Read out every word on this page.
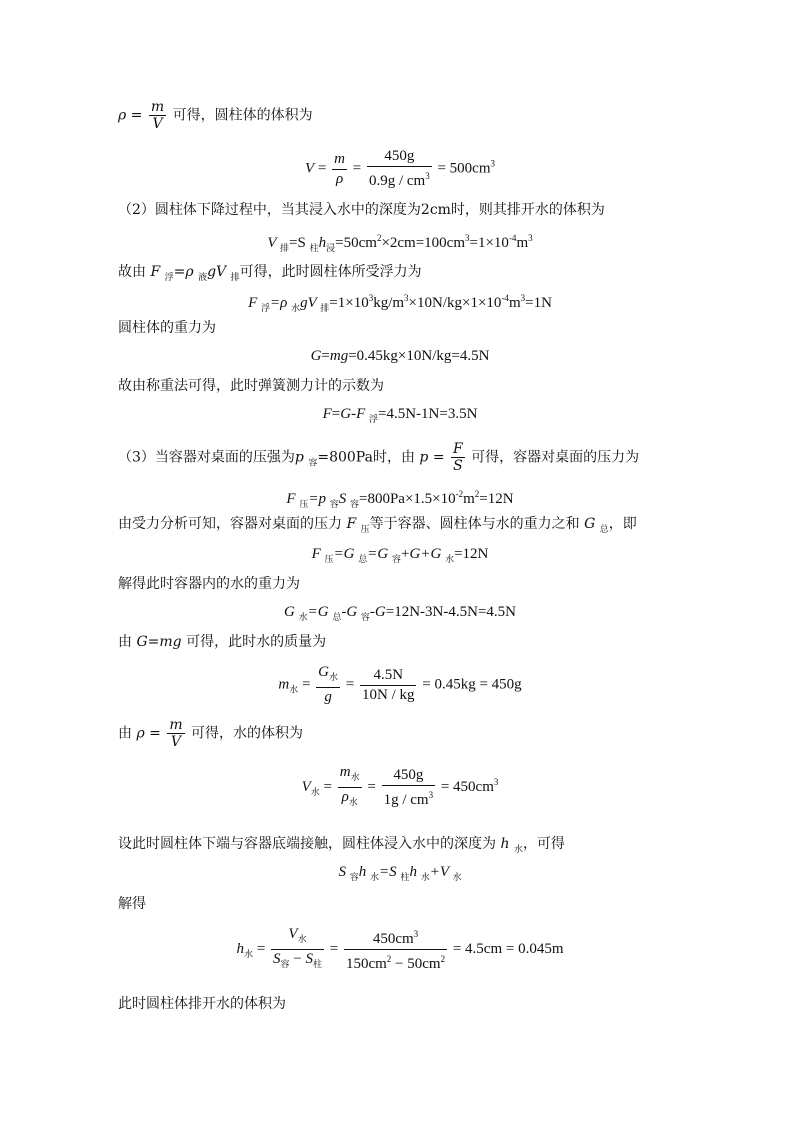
$\rho = \frac{m}{V}$ 可得，圆柱体的体积为
$V = \frac{m}{\rho} = \frac{450g}{0.9g / cm^3} = 500cm^3$
（2）圆柱体下降过程中，当其浸入水中的深度为2cm时，则其排开水的体积为
V $_排$=S $_柱h_浸=50cm^2\times 2cm=100cm^3=1\times 10^{-4}m^3$
故由 F $_浮$=ρ $_液$gV $_排$可得，此时圆柱体所受浮力为
F $_浮$=ρ $_水$gV $_排=1\times 10^3kg/m^3\times 10N/kg\times 1\times 10^{-4}m^3=1N$
圆柱体的重力为
G=mg=0.45kg×10N/kg=4.5N
故由称重法可得，此时弹簧测力计的示数为
F=G-F $_浮$=4.5N-1N=3.5N
（3）当容器对桌面的压强为p $_容$=800Pa时，由 $p = \frac{F}{S}$ 可得，容器对桌面的压力为
F $_压$=p $_容$S $_容=800Pa\times 1.5\times 10^{-2}m^2=12N$
由受力分析可知，容器对桌面的压力 F $_压$等于容器、圆柱体与水的重力之和 G $_总$，即
F $_压$=G $_总$=G $_容$+G+G $_水$=12N
解得此时容器内的水的重力为
G $_水$=G $_总$-G $_容$-G=12N-3N-4.5N=4.5N
由 G=mg 可得，此时水的质量为
$m_水 = \frac{G_水}{g} = \frac{4.5N}{10N / kg} = 0.45kg = 450g$
由 $\rho = \frac{m}{V}$ 可得，水的体积为
$V_水 = \frac{m_水}{\rho_水} = \frac{450g}{1g / cm^3} = 450cm^3$
设此时圆柱体下端与容器底端接触，圆柱体浸入水中的深度为 h $_水$，可得
S $_容$h $_水$=S $_柱$h $_水$+V $_水$
解得
$h_水 = \frac{V_水}{S_容 - S_柱} = \frac{450cm^3}{150cm^2 - 50cm^2} = 4.5cm = 0.045m$
此时圆柱体排开水的体积为
